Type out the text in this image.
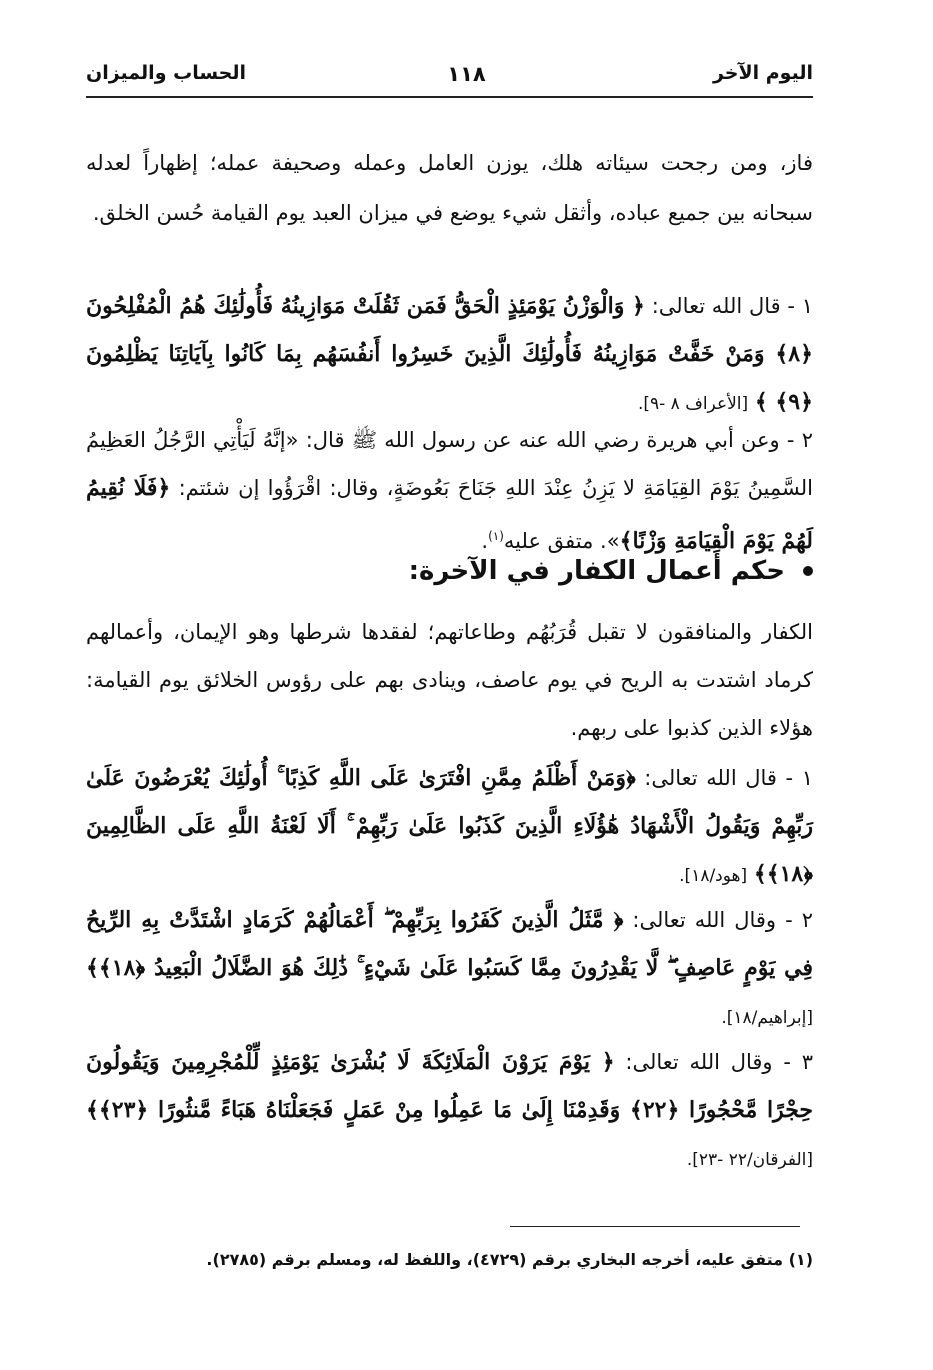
اليوم الآخر
١١٨
الحساب والميزان
فاز، ومن رجحت سيئاته هلك، يوزن العامل وعمله وصحيفة عمله؛ إظهاراً لعدله سبحانه بين جميع عباده، وأثقل شيء يوضع في ميزان العبد يوم القيامة حُسن الخلق.
١ - قال الله تعالى: ﴿ وَالْوَزْنُ يَوْمَئِذٍ الْحَقُّ فَمَن ثَقُلَتْ مَوَازِينُهُ فَأُولَٰئِكَ هُمُ الْمُفْلِحُونَ ﴿٨﴾ وَمَنْ خَفَّتْ مَوَازِينُهُ فَأُولَٰئِكَ الَّذِينَ خَسِرُوا أَنفُسَهُم بِمَا كَانُوا بِآيَاتِنَا يَظْلِمُونَ ﴿٩﴾ ﴾ [الأعراف ٨ -٩].
٢ - وعن أبي هريرة رضي الله عنه عن رسول الله ﷺ قال: «إنَّهُ لَيَأْتِي الرَّجُلُ العَظِيمُ السَّمِينُ يَوْمَ القِيَامَةِ لا يَزِنُ عِنْدَ اللهِ جَنَاحَ بَعُوضَةٍ، وقال: اقْرَؤُوا إن شئتم: ﴿فَلَا نُقِيمُ لَهُمْ يَوْمَ الْقِيَامَةِ وَزْنًا﴾». متفق عليه$^{(١)}$.
حكم أعمال الكفار في الآخرة:
الكفار والمنافقون لا تقبل قُرَبُهُم وطاعاتهم؛ لفقدها شرطها وهو الإيمان، وأعمالهم كرماد اشتدت به الريح في يوم عاصف، وينادى بهم على رؤوس الخلائق يوم القيامة: هؤلاء الذين كذبوا على ربهم.
١ - قال الله تعالى: ﴿وَمَنْ أَظْلَمُ مِمَّنِ افْتَرَىٰ عَلَى اللَّهِ كَذِبًا ۚ أُولَٰئِكَ يُعْرَضُونَ عَلَىٰ رَبِّهِمْ وَيَقُولُ الْأَشْهَادُ هَٰؤُلَاءِ الَّذِينَ كَذَبُوا عَلَىٰ رَبِّهِمْ ۚ أَلَا لَعْنَةُ اللَّهِ عَلَى الظَّالِمِينَ ﴿١٨﴾﴾ [هود/١٨].
٢ - وقال الله تعالى: ﴿ مَّثَلُ الَّذِينَ كَفَرُوا بِرَبِّهِمْ ۖ أَعْمَالُهُمْ كَرَمَادٍ اشْتَدَّتْ بِهِ الرِّيحُ فِي يَوْمٍ عَاصِفٍ ۖ لَّا يَقْدِرُونَ مِمَّا كَسَبُوا عَلَىٰ شَيْءٍ ۚ ذَٰلِكَ هُوَ الضَّلَالُ الْبَعِيدُ ﴿١٨﴾﴾ [إبراهيم/١٨].
٣ - وقال الله تعالى: ﴿ يَوْمَ يَرَوْنَ الْمَلَائِكَةَ لَا بُشْرَىٰ يَوْمَئِذٍ لِّلْمُجْرِمِينَ وَيَقُولُونَ حِجْرًا مَّحْجُورًا ﴿٢٢﴾ وَقَدِمْنَا إِلَىٰ مَا عَمِلُوا مِنْ عَمَلٍ فَجَعَلْنَاهُ هَبَاءً مَّنثُورًا ﴿٢٣﴾﴾ [الفرقان/٢٢ -٢٣].
(١) متفق عليه، أخرجه البخاري برقم (٤٧٢٩)، واللفظ له، ومسلم برقم (٢٧٨٥).
